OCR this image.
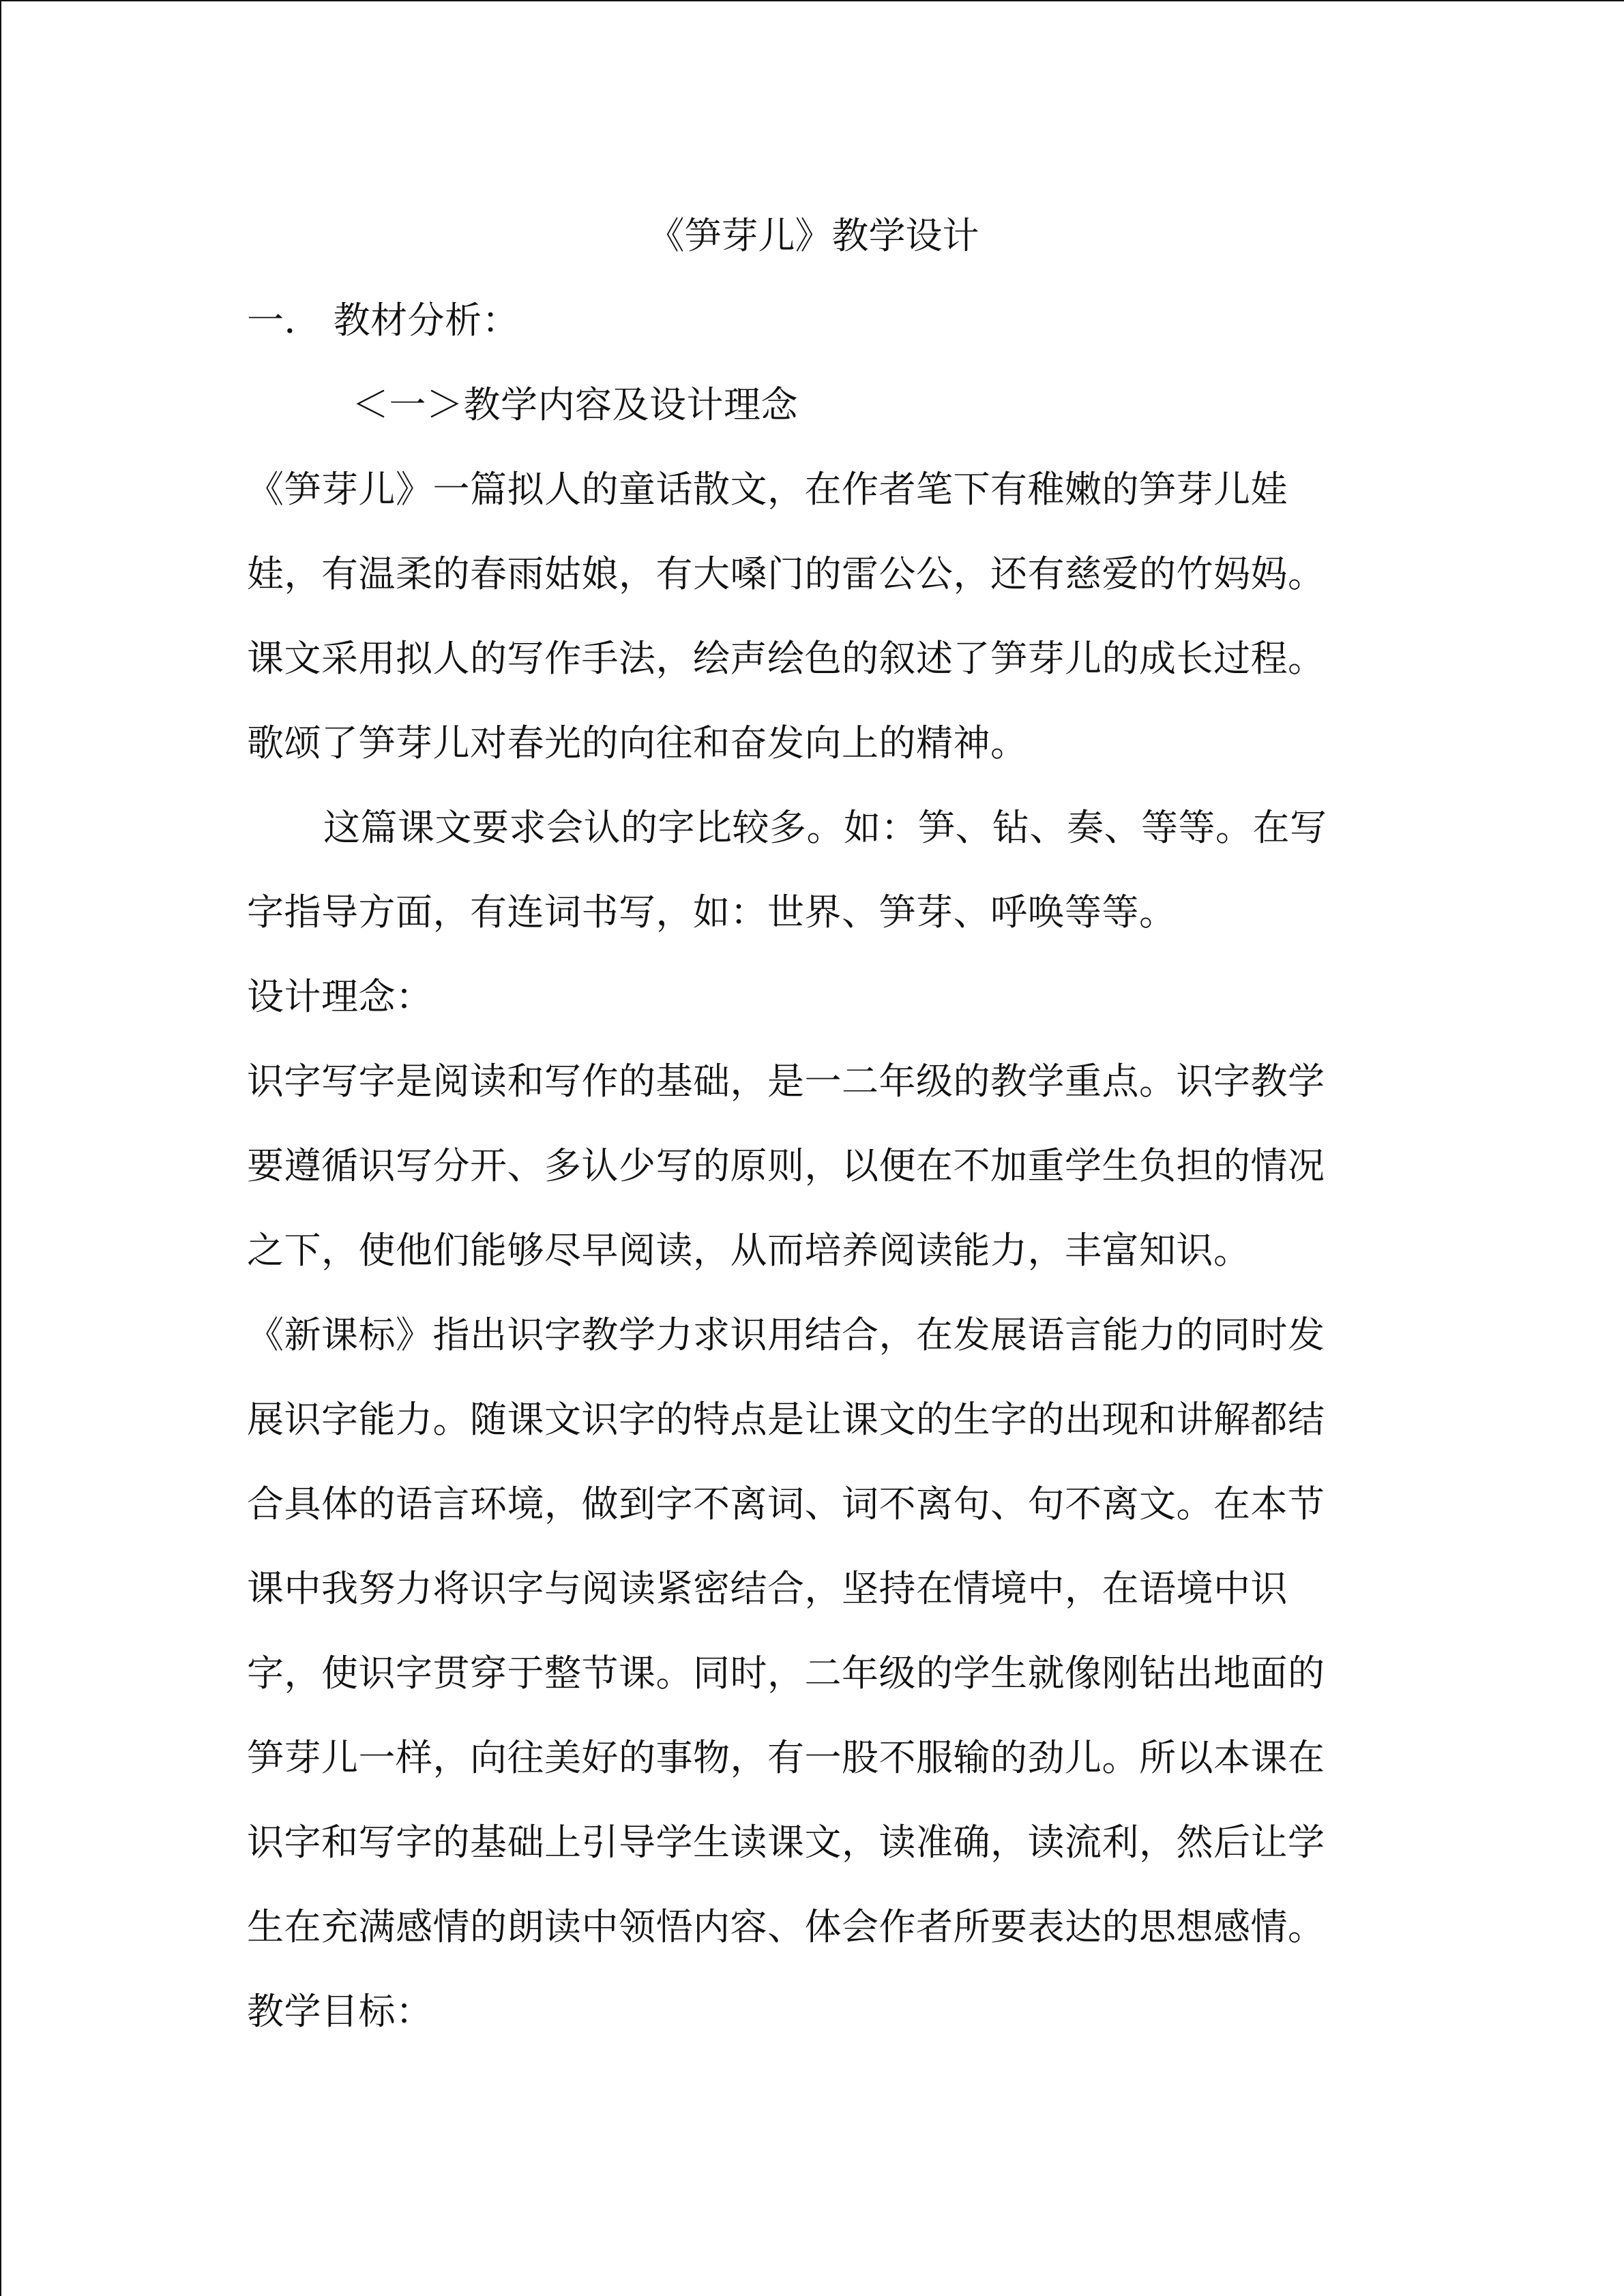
《笋芽儿》教学设计
一． 教材分析：
＜一＞教学内容及设计理念
《笋芽儿》一篇拟人的童话散文，在作者笔下有稚嫩的笋芽儿娃
娃，有温柔的春雨姑娘，有大嗓门的雷公公，还有慈爱的竹妈妈。
课文采用拟人的写作手法，绘声绘色的叙述了笋芽儿的成长过程。
歌颂了笋芽儿对春光的向往和奋发向上的精神。
这篇课文要求会认的字比较多。如：笋、钻、奏、等等。在写
字指导方面，有连词书写，如：世界、笋芽、呼唤等等。
设计理念：
识字写字是阅读和写作的基础，是一二年级的教学重点。识字教学
要遵循识写分开、多认少写的原则，以便在不加重学生负担的情况
之下，使他们能够尽早阅读，从而培养阅读能力，丰富知识。
《新课标》指出识字教学力求识用结合，在发展语言能力的同时发
展识字能力。随课文识字的特点是让课文的生字的出现和讲解都结
合具体的语言环境，做到字不离词、词不离句、句不离文。在本节
课中我努力将识字与阅读紧密结合，坚持在情境中，在语境中识
字，使识字贯穿于整节课。同时，二年级的学生就像刚钻出地面的
笋芽儿一样，向往美好的事物，有一股不服输的劲儿。所以本课在
识字和写字的基础上引导学生读课文，读准确，读流利，然后让学
生在充满感情的朗读中领悟内容、体会作者所要表达的思想感情。
教学目标：
